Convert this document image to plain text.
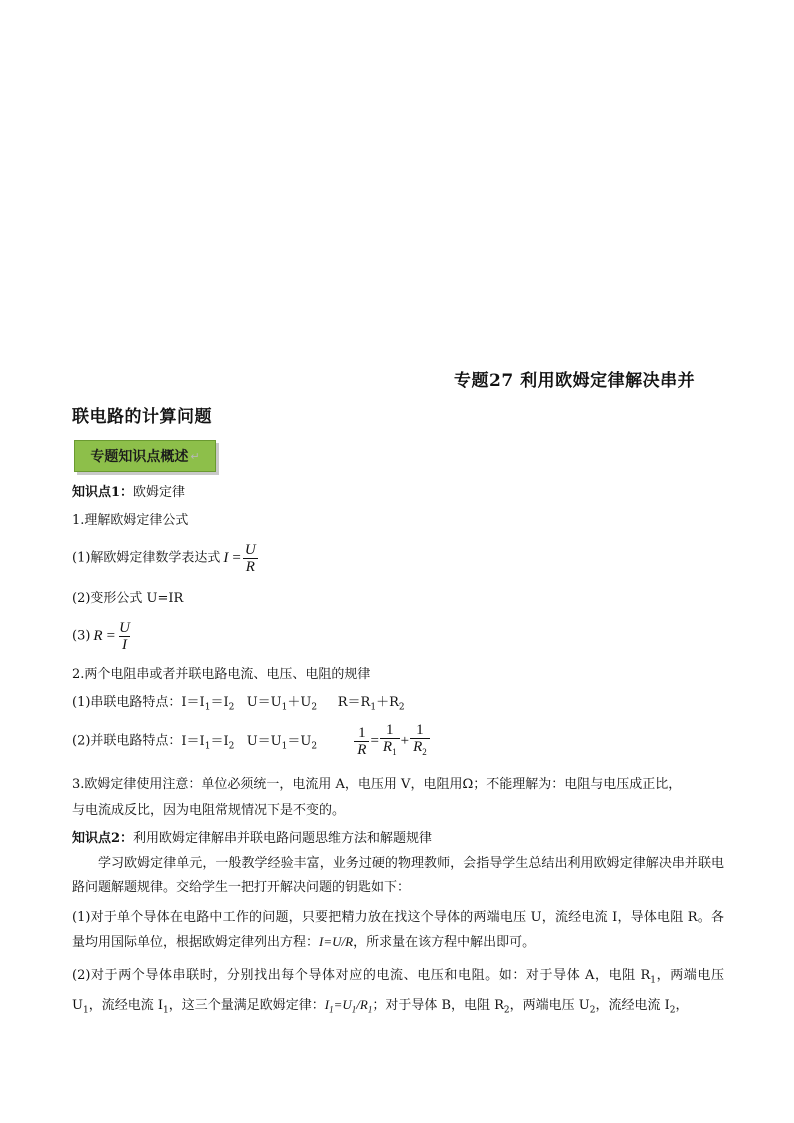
专题27 利用欧姆定律解决串并
联电路的计算问题
专题知识点概述 ↵
知识点1：欧姆定律
1.理解欧姆定律公式
(1)解欧姆定律数学表达式 $I = \frac{U}{R}$
(2)变形公式 U=IR
(3) $R = \frac{U}{I}$
2.两个电阻串或者并联电路电流、电压、电阻的规律
(1)串联电路特点：$I=I_1=I_2$ $U=U_1+U_2$ $R=R_1+R_2$
(2)并联电路特点：$I=I_1=I_2$ $U=U_1=U_2 \frac{1}{R} = \frac{1}{R_1} + \frac{1}{R_2}$
3.欧姆定律使用注意：单位必须统一，电流用 A，电压用 V，电阻用Ω；不能理解为：电阻与电压成正比，
与电流成反比，因为电阻常规情况下是不变的。
知识点2：利用欧姆定律解串并联电路问题思维方法和解题规律
学习欧姆定律单元，一般教学经验丰富，业务过硬的物理教师，会指导学生总结出利用欧姆定律解决串并联电路问题解题规律。交给学生一把打开解决问题的钥匙如下：
(1)对于单个导体在电路中工作的问题，只要把精力放在找这个导体的两端电压 U，流经电流 I，导体电阻 R。各量均用国际单位，根据欧姆定律列出方程：I=U/R，所求量在该方程中解出即可。
(2)对于两个导体串联时，分别找出每个导体对应的电流、电压和电阻。如：对于导体 A，电阻 $R_1$，两端电压 $U_1$，流经电流 $I_1$，这三个量满足欧姆定律：$I_1=U_1/R_1$；对于导体 B，电阻 $R_2$，两端电压 $U_2$，流经电流 $I_2$，
